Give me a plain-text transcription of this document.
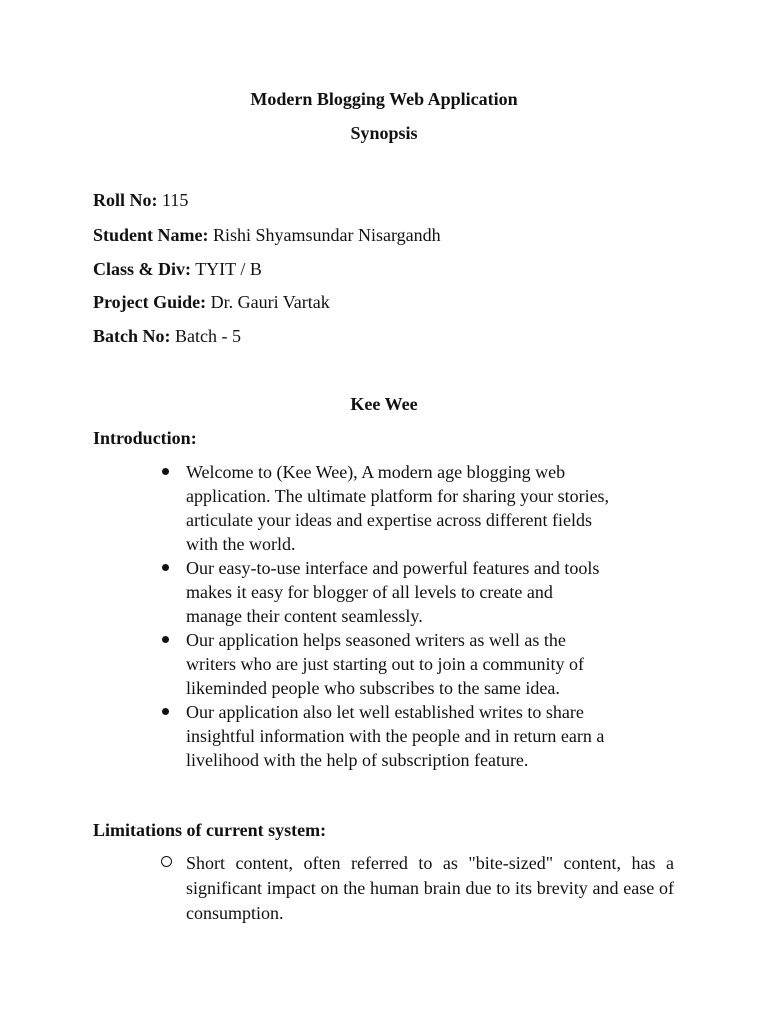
Modern Blogging Web Application
Synopsis
Roll No: 115
Student Name: Rishi Shyamsundar Nisargandh
Class & Div: TYIT / B
Project Guide: Dr. Gauri Vartak
Batch No: Batch - 5
Kee Wee
Introduction:
Welcome to (Kee Wee), A modern age blogging web
application. The ultimate platform for sharing your stories,
articulate your ideas and expertise across different fields
with the world.
Our easy-to-use interface and powerful features and tools
makes it easy for blogger of all levels to create and
manage their content seamlessly.
Our application helps seasoned writers as well as the
writers who are just starting out to join a community of
likeminded people who subscribes to the same idea.
Our application also let well established writes to share
insightful information with the people and in return earn a
livelihood with the help of subscription feature.
Limitations of current system:
Short content, often referred to as "bite-sized" content, has a significant impact on the human brain due to its brevity and ease of consumption.
